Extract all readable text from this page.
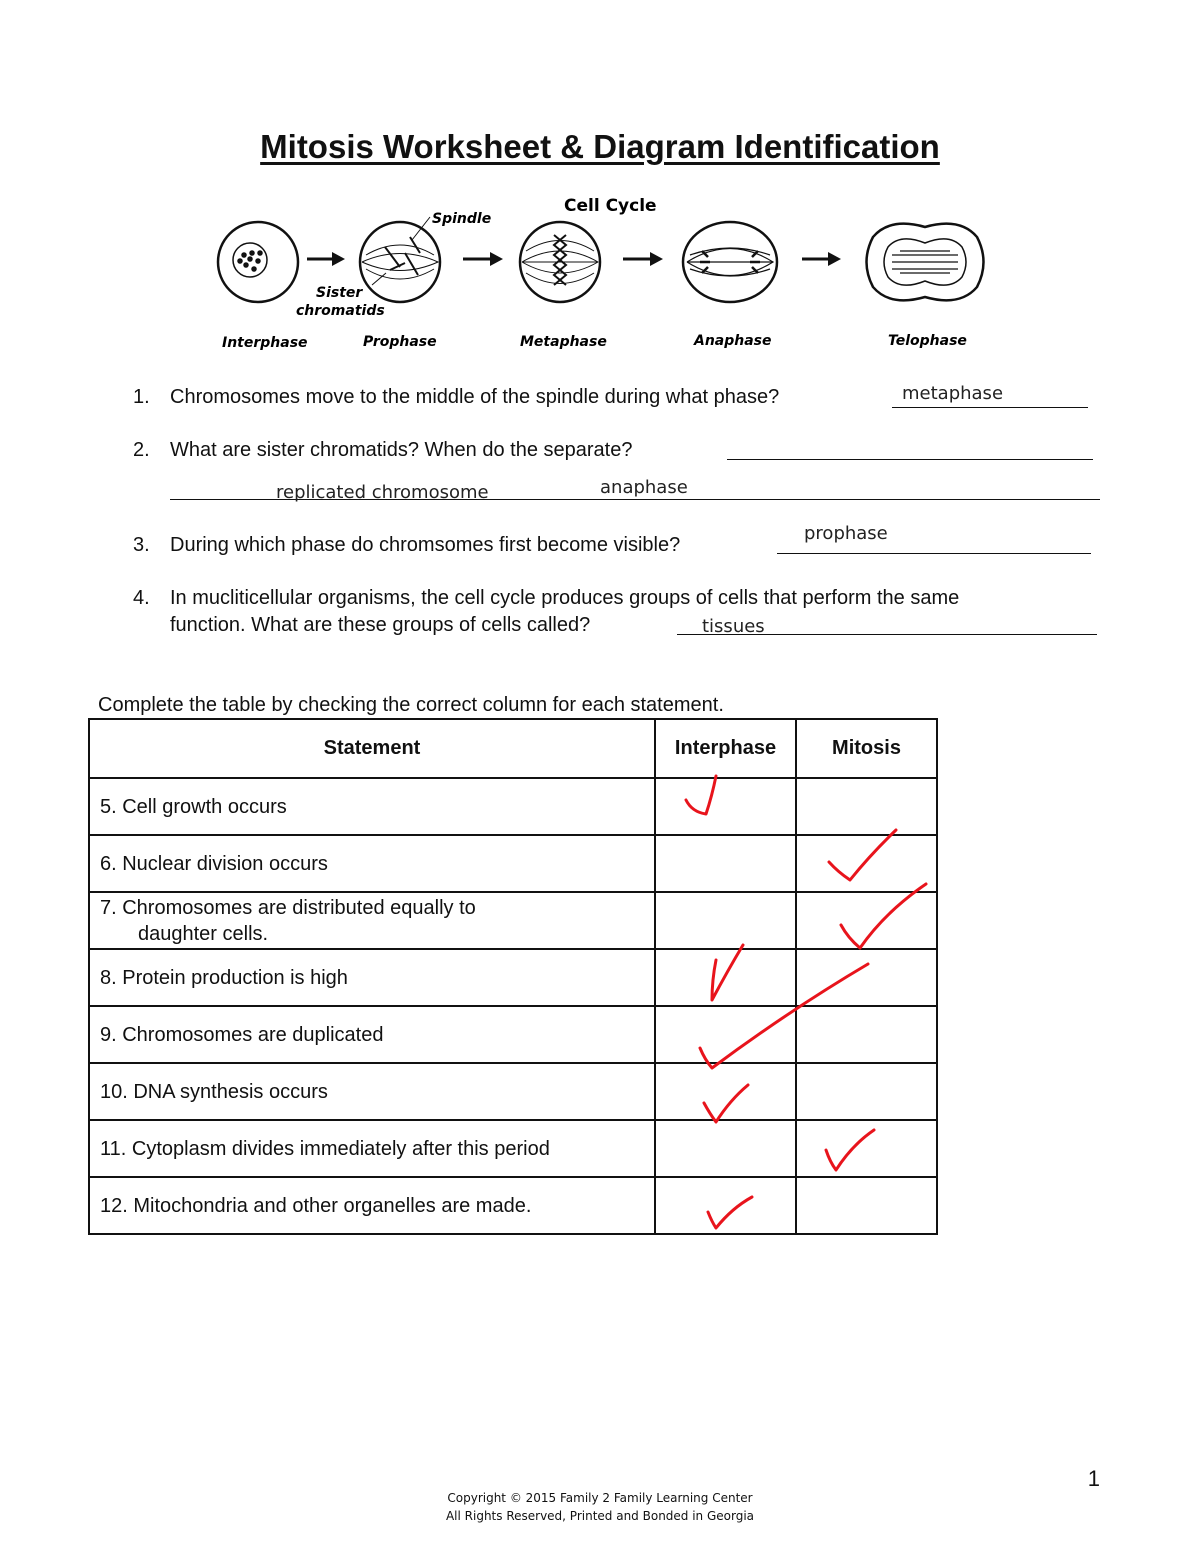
Mitosis Worksheet & Diagram Identification
Cell Cycle
Spindle
Sister
chromatids
Interphase	Prophase	Metaphase	Anaphase	Telophase
1. Chromosomes move to the middle of the spindle during what phase?	metaphase
2. What are sister chromatids? When do the separate?
replicated chromosome	anaphase
3. During which phase do chromsomes first become visible?
prophase
4. In mucliticellular organisms, the cell cycle produces groups of cells that perform the same
function. What are these groups of cells called?	tissues
Complete the table by checking the correct column for each statement.
Statement	Interphase	Mitosis
5. Cell growth occurs		
6. Nuclear division occurs		

7. Chromosomes are distributed equally to
daughter cells.		

8. Protein production is high		
9. Chromosomes are duplicated		
10. DNA synthesis occurs		
11. Cytoplasm divides immediately after this period		
12. Mitochondria and other organelles are made.		
1
Copyright © 2015 Family 2 Family Learning Center
All Rights Reserved, Printed and Bonded in Georgia
